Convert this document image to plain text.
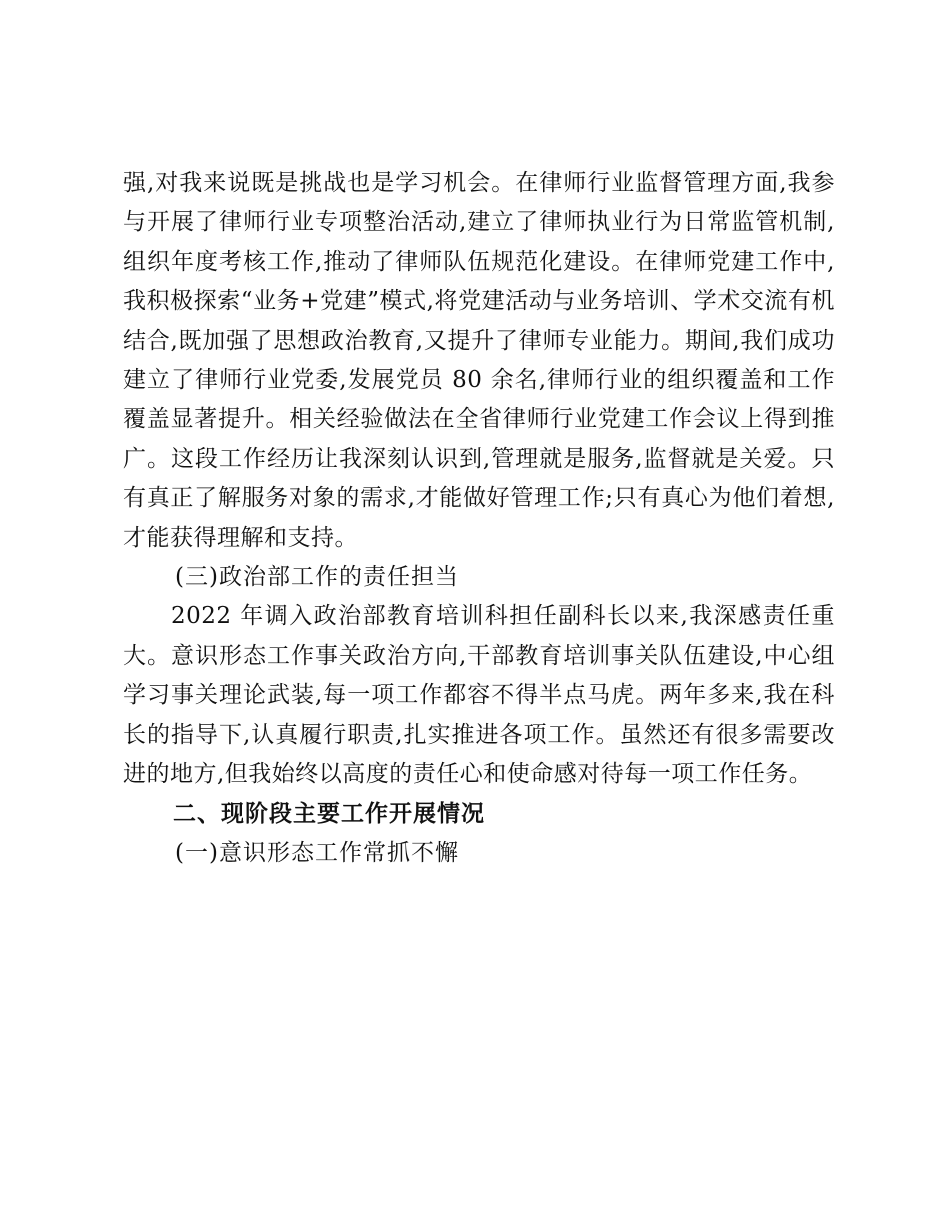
强,对我来说既是挑战也是学习机会。在律师行业监督管理方面,我参与开展了律师行业专项整治活动,建立了律师执业行为日常监管机制,组织年度考核工作,推动了律师队伍规范化建设。在律师党建工作中,我积极探索“业务+党建”模式,将党建活动与业务培训、学术交流有机结合,既加强了思想政治教育,又提升了律师专业能力。期间,我们成功建立了律师行业党委,发展党员 80 余名,律师行业的组织覆盖和工作覆盖显著提升。相关经验做法在全省律师行业党建工作会议上得到推广。这段工作经历让我深刻认识到,管理就是服务,监督就是关爱。只有真正了解服务对象的需求,才能做好管理工作;只有真心为他们着想,才能获得理解和支持。

(三)政治部工作的责任担当

2022 年调入政治部教育培训科担任副科长以来,我深感责任重大。意识形态工作事关政治方向,干部教育培训事关队伍建设,中心组学习事关理论武装,每一项工作都容不得半点马虎。两年多来,我在科长的指导下,认真履行职责,扎实推进各项工作。虽然还有很多需要改进的地方,但我始终以高度的责任心和使命感对待每一项工作任务。

二、现阶段主要工作开展情况

(一)意识形态工作常抓不懈
